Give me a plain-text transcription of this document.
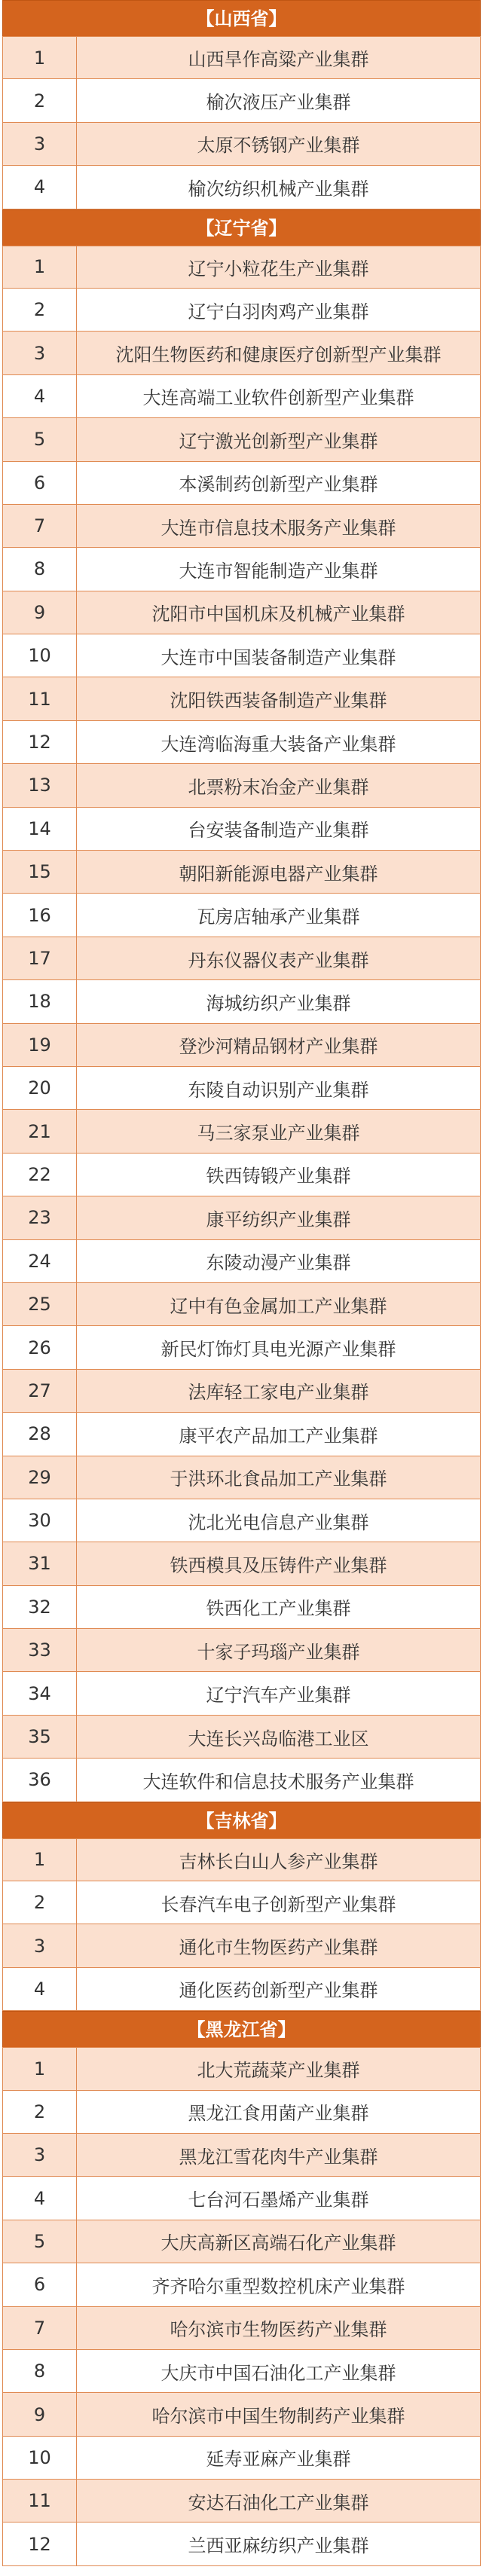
【山西省】
1	山西旱作高粱产业集群
2	榆次液压产业集群
3	太原不锈钢产业集群
4	榆次纺织机械产业集群
【辽宁省】
1	辽宁小粒花生产业集群
2	辽宁白羽肉鸡产业集群
3	沈阳生物医药和健康医疗创新型产业集群
4	大连高端工业软件创新型产业集群
5	辽宁激光创新型产业集群
6	本溪制药创新型产业集群
7	大连市信息技术服务产业集群
8	大连市智能制造产业集群
9	沈阳市中国机床及机械产业集群
10	大连市中国装备制造产业集群
11	沈阳铁西装备制造产业集群
12	大连湾临海重大装备产业集群
13	北票粉末冶金产业集群
14	台安装备制造产业集群
15	朝阳新能源电器产业集群
16	瓦房店轴承产业集群
17	丹东仪器仪表产业集群
18	海城纺织产业集群
19	登沙河精品钢材产业集群
20	东陵自动识别产业集群
21	马三家泵业产业集群
22	铁西铸锻产业集群
23	康平纺织产业集群
24	东陵动漫产业集群
25	辽中有色金属加工产业集群
26	新民灯饰灯具电光源产业集群
27	法库轻工家电产业集群
28	康平农产品加工产业集群
29	于洪环北食品加工产业集群
30	沈北光电信息产业集群
31	铁西模具及压铸件产业集群
32	铁西化工产业集群
33	十家子玛瑙产业集群
34	辽宁汽车产业集群
35	大连长兴岛临港工业区
36	大连软件和信息技术服务产业集群
【吉林省】
1	吉林长白山人参产业集群
2	长春汽车电子创新型产业集群
3	通化市生物医药产业集群
4	通化医药创新型产业集群
【黑龙江省】
1	北大荒蔬菜产业集群
2	黑龙江食用菌产业集群
3	黑龙江雪花肉牛产业集群
4	七台河石墨烯产业集群
5	大庆高新区高端石化产业集群
6	齐齐哈尔重型数控机床产业集群
7	哈尔滨市生物医药产业集群
8	大庆市中国石油化工产业集群
9	哈尔滨市中国生物制药产业集群
10	延寿亚麻产业集群
11	安达石油化工产业集群
12	兰西亚麻纺织产业集群
